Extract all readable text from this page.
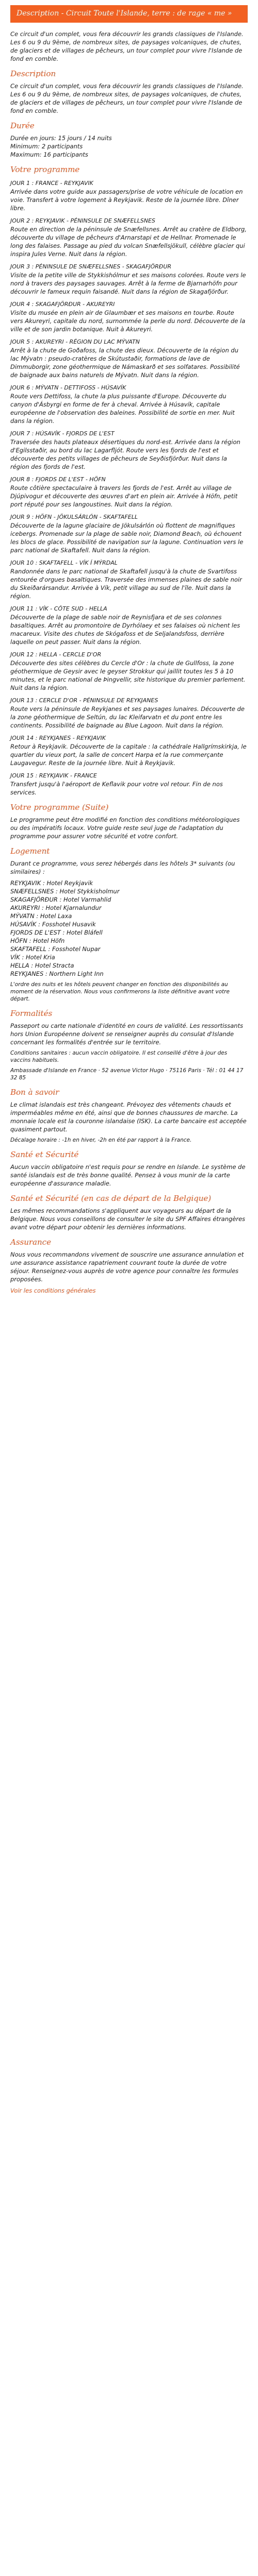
Description - Circuit Toute l'Islande, terre : de rage « me »

Ce circuit d'un complet, vous fera découvrir les grands classiques de l'Islande. Les 6 ou 9 du 9ème, de nombreux sites, de paysages volcaniques, de chutes, de glaciers et de villages de pêcheurs, un tour complet pour vivre l'Islande de fond en comble.

Description

Ce circuit d'un complet, vous fera découvrir les grands classiques de l'Islande. Les 6 ou 9 du 9ème, de nombreux sites, de paysages volcaniques, de chutes, de glaciers et de villages de pêcheurs, un tour complet pour vivre l'Islande de fond en comble.

Durée
Durée en jours: 15 jours / 14 nuits
Minimum: 2 participants
Maximum: 16 participants
Votre programme
JOUR 1 : FRANCE - REYKJAVIK

Arrivée dans votre guide aux passagers/prise de votre véhicule de location en voie. Transfert à votre logement à Reykjavik. Reste de la journée libre. Dîner libre.

JOUR 2 : REYKJAVIK - PÉNINSULE DE SNÆFELLSNES

Route en direction de la péninsule de Snæfellsnes. Arrêt au cratère de Eldborg, découverte du village de pêcheurs d'Arnarstapi et de Hellnar. Promenade le long des falaises. Passage au pied du volcan Snæfellsjökull, célèbre glacier qui inspira Jules Verne. Nuit dans la région.

JOUR 3 : PÉNINSULE DE SNÆFELLSNES - SKAGAFJÖRÐUR

Visite de la petite ville de Stykkishólmur et ses maisons colorées. Route vers le nord à travers des paysages sauvages. Arrêt à la ferme de Bjarnarhöfn pour découvrir le fameux requin faisandé. Nuit dans la région de Skagafjörður.

JOUR 4 : SKAGAFJÖRÐUR - AKUREYRI

Visite du musée en plein air de Glaumbær et ses maisons en tourbe. Route vers Akureyri, capitale du nord, surnommée la perle du nord. Découverte de la ville et de son jardin botanique. Nuit à Akureyri.

JOUR 5 : AKUREYRI - RÉGION DU LAC MÝVATN

Arrêt à la chute de Goðafoss, la chute des dieux. Découverte de la région du lac Mývatn : pseudo-cratères de Skútustaðir, formations de lave de Dimmuborgir, zone géothermique de Námaskarð et ses solfatares. Possibilité de baignade aux bains naturels de Mývatn. Nuit dans la région.

JOUR 6 : MÝVATN - DETTIFOSS - HÚSAVÍK

Route vers Dettifoss, la chute la plus puissante d'Europe. Découverte du canyon d'Ásbyrgi en forme de fer à cheval. Arrivée à Húsavík, capitale européenne de l'observation des baleines. Possibilité de sortie en mer. Nuit dans la région.

JOUR 7 : HÚSAVÍK - FJORDS DE L'EST

Traversée des hauts plateaux désertiques du nord-est. Arrivée dans la région d'Egilsstaðir, au bord du lac Lagarfljót. Route vers les fjords de l'est et découverte des petits villages de pêcheurs de Seyðisfjörður. Nuit dans la région des fjords de l'est.

JOUR 8 : FJORDS DE L'EST - HÖFN

Route côtière spectaculaire à travers les fjords de l'est. Arrêt au village de Djúpivogur et découverte des œuvres d'art en plein air. Arrivée à Höfn, petit port réputé pour ses langoustines. Nuit dans la région.

JOUR 9 : HÖFN - JÖKULSÁRLÓN - SKAFTAFELL

Découverte de la lagune glaciaire de Jökulsárlón où flottent de magnifiques icebergs. Promenade sur la plage de sable noir, Diamond Beach, où échouent les blocs de glace. Possibilité de navigation sur la lagune. Continuation vers le parc national de Skaftafell. Nuit dans la région.

JOUR 10 : SKAFTAFELL - VÍK Í MÝRDAL

Randonnée dans le parc national de Skaftafell jusqu'à la chute de Svartifoss entourée d'orgues basaltiques. Traversée des immenses plaines de sable noir du Skeiðarársandur. Arrivée à Vík, petit village au sud de l'île. Nuit dans la région.

JOUR 11 : VÍK - CÔTE SUD - HELLA

Découverte de la plage de sable noir de Reynisfjara et de ses colonnes basaltiques. Arrêt au promontoire de Dyrhólaey et ses falaises où nichent les macareux. Visite des chutes de Skógafoss et de Seljalandsfoss, derrière laquelle on peut passer. Nuit dans la région.

JOUR 12 : HELLA - CERCLE D'OR

Découverte des sites célèbres du Cercle d'Or : la chute de Gullfoss, la zone géothermique de Geysir avec le geyser Strokkur qui jaillit toutes les 5 à 10 minutes, et le parc national de Þingvellir, site historique du premier parlement. Nuit dans la région.

JOUR 13 : CERCLE D'OR - PÉNINSULE DE REYKJANES

Route vers la péninsule de Reykjanes et ses paysages lunaires. Découverte de la zone géothermique de Seltún, du lac Kleifarvatn et du pont entre les continents. Possibilité de baignade au Blue Lagoon. Nuit dans la région.

JOUR 14 : REYKJANES - REYKJAVIK

Retour à Reykjavik. Découverte de la capitale : la cathédrale Hallgrímskirkja, le quartier du vieux port, la salle de concert Harpa et la rue commerçante Laugavegur. Reste de la journée libre. Nuit à Reykjavik.

JOUR 15 : REYKJAVIK - FRANCE

Transfert jusqu'à l'aéroport de Keflavik pour votre vol retour. Fin de nos services.

Votre programme (Suite)

Le programme peut être modifié en fonction des conditions météorologiques ou des impératifs locaux. Votre guide reste seul juge de l'adaptation du programme pour assurer votre sécurité et votre confort.

Logement

Durant ce programme, vous serez hébergés dans les hôtels 3* suivants (ou similaires) :

REYKJAVIK : Hotel Reykjavik
SNÆFELLSNES : Hotel Stykkisholmur
SKAGAFJÖRÐUR : Hotel Varmahlid
AKUREYRI : Hotel Kjarnalundur
MÝVATN : Hotel Laxa
HÚSAVÍK : Fosshotel Husavik
FJORDS DE L'EST : Hotel Bláfell
HÖFN : Hotel Höfn
SKAFTAFELL : Fosshotel Nupar
VÍK : Hotel Kria
HELLA : Hotel Stracta
REYKJANES : Northern Light Inn

L'ordre des nuits et les hôtels peuvent changer en fonction des disponibilités au moment de la réservation. Nous vous confirmerons la liste définitive avant votre départ.

Formalités

Passeport ou carte nationale d'identité en cours de validité. Les ressortissants hors Union Européenne doivent se renseigner auprès du consulat d'Islande concernant les formalités d'entrée sur le territoire.

Conditions sanitaires : aucun vaccin obligatoire. Il est conseillé d'être à jour des vaccins habituels.

Ambassade d'Islande en France · 52 avenue Victor Hugo · 75116 Paris · Tél : 01 44 17 32 85

Bon à savoir

Le climat islandais est très changeant. Prévoyez des vêtements chauds et imperméables même en été, ainsi que de bonnes chaussures de marche. La monnaie locale est la couronne islandaise (ISK). La carte bancaire est acceptée quasiment partout.

Décalage horaire : -1h en hiver, -2h en été par rapport à la France.

Santé et Sécurité

Aucun vaccin obligatoire n'est requis pour se rendre en Islande. Le système de santé islandais est de très bonne qualité. Pensez à vous munir de la carte européenne d'assurance maladie.

Santé et Sécurité (en cas de départ de la Belgique)

Les mêmes recommandations s'appliquent aux voyageurs au départ de la Belgique. Nous vous conseillons de consulter le site du SPF Affaires étrangères avant votre départ pour obtenir les dernières informations.

Assurance

Nous vous recommandons vivement de souscrire une assurance annulation et une assurance assistance rapatriement couvrant toute la durée de votre séjour. Renseignez-vous auprès de votre agence pour connaître les formules proposées.

Voir les conditions générales
